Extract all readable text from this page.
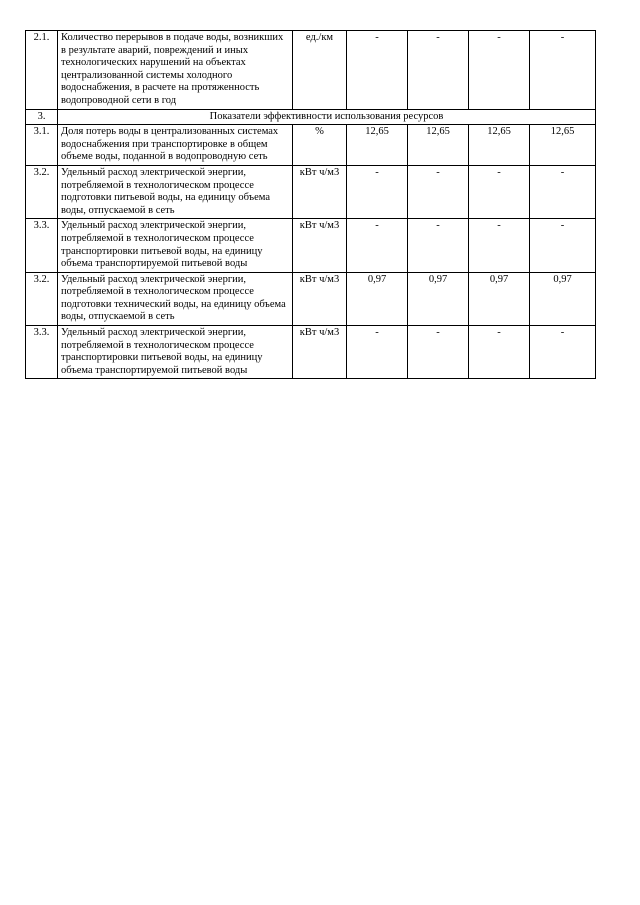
2.1.	Количество перерывов в подаче воды, возникших в результате аварий, повреждений и иных технологических нарушений на объектах централизованной системы холодного водоснабжения, в расчете на протяженность водопроводной сети в год	ед./км	-	-	-	-
3.	Показатели эффективности использования ресурсов					
3.1.	Доля потерь воды в централизованных системах водоснабжения при транспортировке в общем объеме воды, поданной в водопроводную сеть	%	12,65	12,65	12,65	12,65
3.2.	Удельный расход электрической энергии, потребляемой в технологическом процессе подготовки питьевой воды, на единицу объема воды, отпускаемой в сеть	кВт ч/м3	-	-	-	-
3.3.	Удельный расход электрической энергии, потребляемой в технологическом процессе транспортировки питьевой воды, на единицу объема транспортируемой питьевой воды	кВт ч/м3	-	-	-	-
3.2.	Удельный расход электрической энергии, потребляемой в технологическом процессе подготовки технический воды, на единицу объема воды, отпускаемой в сеть	кВт ч/м3	0,97	0,97	0,97	0,97
3.3.	Удельный расход электрической энергии, потребляемой в технологическом процессе транспортировки питьевой воды, на единицу объема транспортируемой питьевой воды	кВт ч/м3	-	-	-	-
